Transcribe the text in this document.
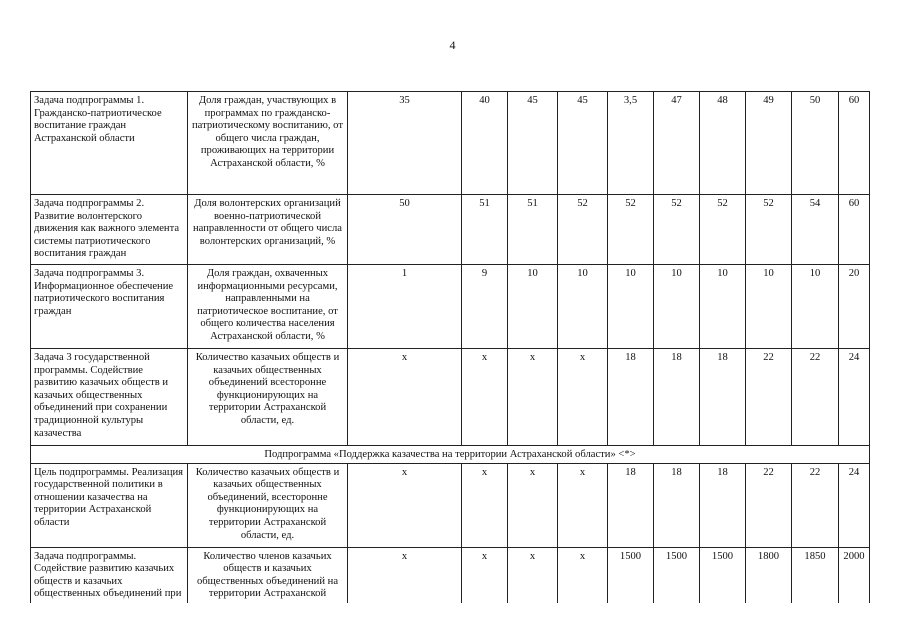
4
Задача подпрограммы 1. Гражданско-патриотическое воспитание граждан Астраханской области	Доля граждан, участвующих в программах по гражданско-патриотическому воспитанию, от общего числа граждан, проживающих на территории Астраханской области, %	35	40	45	45	3,5	47	48	49	50	60
Задача подпрограммы 2. Развитие волонтерского движения как важного элемента системы патриотического воспитания граждан	Доля волонтерских организаций военно-патриотической направленности от общего числа волонтерских организаций, %	50	51	51	52	52	52	52	52	54	60
Задача подпрограммы 3. Информационное обеспечение патриотического воспитания граждан	Доля граждан, охваченных информационными ресурсами, направленными на патриотическое воспитание, от общего количества населения Астраханской области, %	1	9	10	10	10	10	10	10	10	20
Задача 3 государственной программы. Содействие развитию казачьих обществ и казачьих общественных объединений при сохранении традиционной культуры казачества	Количество казачьих обществ и казачьих общественных объединений всесторонне функционирующих на территории Астраханской области, ед.	х	х	х	х	18	18	18	22	22	24
Подпрограмма «Поддержка казачества на территории Астраханской области» <*>											
Цель подпрограммы. Реализация государственной политики в отношении казачества на территории Астраханской области	Количество казачьих обществ и казачьих общественных объединений, всесторонне функционирующих на территории Астраханской области, ед.	х	х	х	х	18	18	18	22	22	24
Задача подпрограммы. Содействие развитию казачьих обществ и казачьих общественных объединений при	Количество членов казачьих обществ и казачьих общественных объединений на территории Астраханской	х	х	х	х	1500	1500	1500	1800	1850	2000
